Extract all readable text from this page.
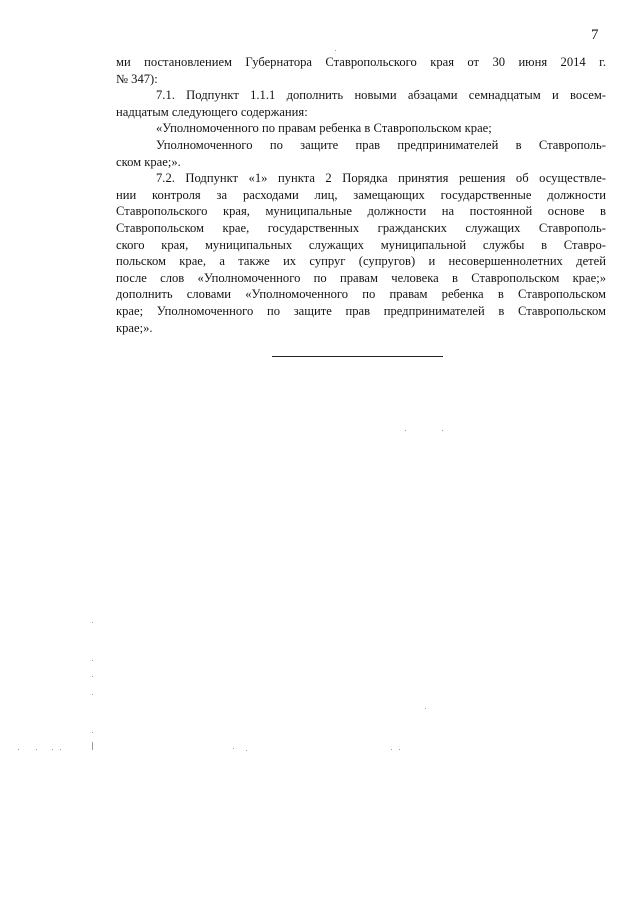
7
ми постановлением Губернатора Ставропольского края от 30 июня 2014 г.
№ 347):
7.1. Подпункт 1.1.1 дополнить новыми абзацами семнадцатым и восем-
надцатым следующего содержания:
«Уполномоченного по правам ребенка в Ставропольском крае;
Уполномоченного по защите прав предпринимателей в Ставрополь-
ском крае;».
7.2. Подпункт «1» пункта 2 Порядка принятия решения об осуществле-
нии контроля за расходами лиц, замещающих государственные должности
Ставропольского края, муниципальные должности на постоянной основе в
Ставропольском крае, государственных гражданских служащих Ставрополь-
ского края, муниципальных служащих муниципальной службы в Ставро-
польском крае, а также их супруг (супругов) и несовершеннолетних детей
после слов «Уполномоченного по правам человека в Ставропольском крае;»
дополнить словами «Уполномоченного по правам ребенка в Ставропольском
крае; Уполномоченного по защите прав предпринимателей в Ставропольском
крае;».
